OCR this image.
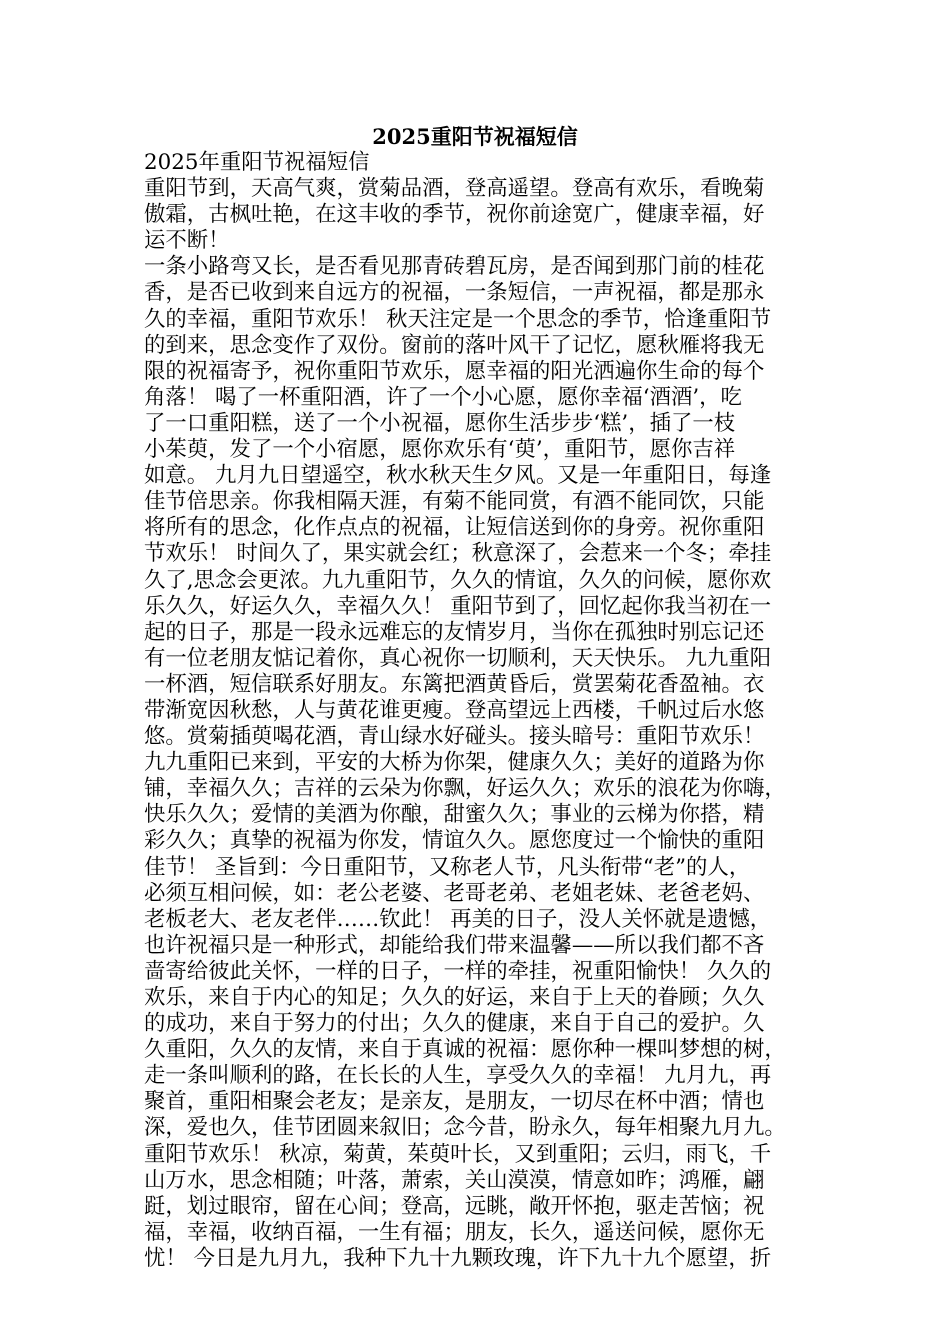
2025重阳节祝福短信
2025年重阳节祝福短信
重阳节到，天高气爽，赏菊品酒，登高遥望。登高有欢乐，看晚菊
傲霜，古枫吐艳，在这丰收的季节，祝你前途宽广，健康幸福，好
运不断！
一条小路弯又长，是否看见那青砖碧瓦房，是否闻到那门前的桂花
香，是否已收到来自远方的祝福，一条短信，一声祝福，都是那永
久的幸福，重阳节欢乐！ 秋天注定是一个思念的季节，恰逢重阳节
的到来，思念变作了双份。窗前的落叶风干了记忆，愿秋雁将我无
限的祝福寄予，祝你重阳节欢乐，愿幸福的阳光洒遍你生命的每个
角落！ 喝了一杯重阳酒，许了一个小心愿，愿你幸福‘酒酒’，吃
了一口重阳糕，送了一个小祝福，愿你生活步步‘糕’，插了一枝
小茱萸，发了一个小宿愿，愿你欢乐有‘萸’，重阳节，愿你吉祥
如意。 九月九日望遥空，秋水秋天生夕风。又是一年重阳日，每逢
佳节倍思亲。你我相隔天涯，有菊不能同赏，有酒不能同饮，只能
将所有的思念，化作点点的祝福，让短信送到你的身旁。祝你重阳
节欢乐！ 时间久了，果实就会红；秋意深了，会惹来一个冬；牵挂
久了,思念会更浓。九九重阳节，久久的情谊，久久的问候，愿你欢
乐久久，好运久久，幸福久久！ 重阳节到了，回忆起你我当初在一
起的日子，那是一段永远难忘的友情岁月，当你在孤独时别忘记还
有一位老朋友惦记着你，真心祝你一切顺利，天天快乐。 九九重阳
一杯酒，短信联系好朋友。东篱把酒黄昏后，赏罢菊花香盈袖。衣
带渐宽因秋愁，人与黄花谁更瘦。登高望远上西楼，千帆过后水悠
悠。赏菊插萸喝花酒，青山绿水好碰头。接头暗号：重阳节欢乐！
九九重阳已来到，平安的大桥为你架，健康久久；美好的道路为你
铺，幸福久久；吉祥的云朵为你飘，好运久久；欢乐的浪花为你嗨，
快乐久久；爱情的美酒为你酿，甜蜜久久；事业的云梯为你搭，精
彩久久；真挚的祝福为你发，情谊久久。愿您度过一个愉快的重阳
佳节！ 圣旨到：今日重阳节，又称老人节，凡头衔带“老”的人，
必须互相问候，如：老公老婆、老哥老弟、老姐老妹、老爸老妈、
老板老大、老友老伴……钦此！ 再美的日子，没人关怀就是遗憾，
也许祝福只是一种形式，却能给我们带来温馨——所以我们都不吝
啬寄给彼此关怀，一样的日子，一样的牵挂，祝重阳愉快！ 久久的
欢乐，来自于内心的知足；久久的好运，来自于上天的眷顾；久久
的成功，来自于努力的付出；久久的健康，来自于自己的爱护。久
久重阳，久久的友情，来自于真诚的祝福：愿你种一棵叫梦想的树，
走一条叫顺利的路，在长长的人生，享受久久的幸福！ 九月九，再
聚首，重阳相聚会老友；是亲友，是朋友，一切尽在杯中酒；情也
深，爱也久，佳节团圆来叙旧；念今昔，盼永久，每年相聚九月九。
重阳节欢乐！ 秋凉，菊黄，茱萸叶长，又到重阳；云归，雨飞，千
山万水，思念相随；叶落，萧索，关山漠漠，情意如昨；鸿雁，翩
跹，划过眼帘，留在心间；登高，远眺，敞开怀抱，驱走苦恼；祝
福，幸福，收纳百福，一生有福；朋友，长久，遥送问候，愿你无
忧！ 今日是九月九，我种下九十九颗玫瑰，许下九十九个愿望，折
